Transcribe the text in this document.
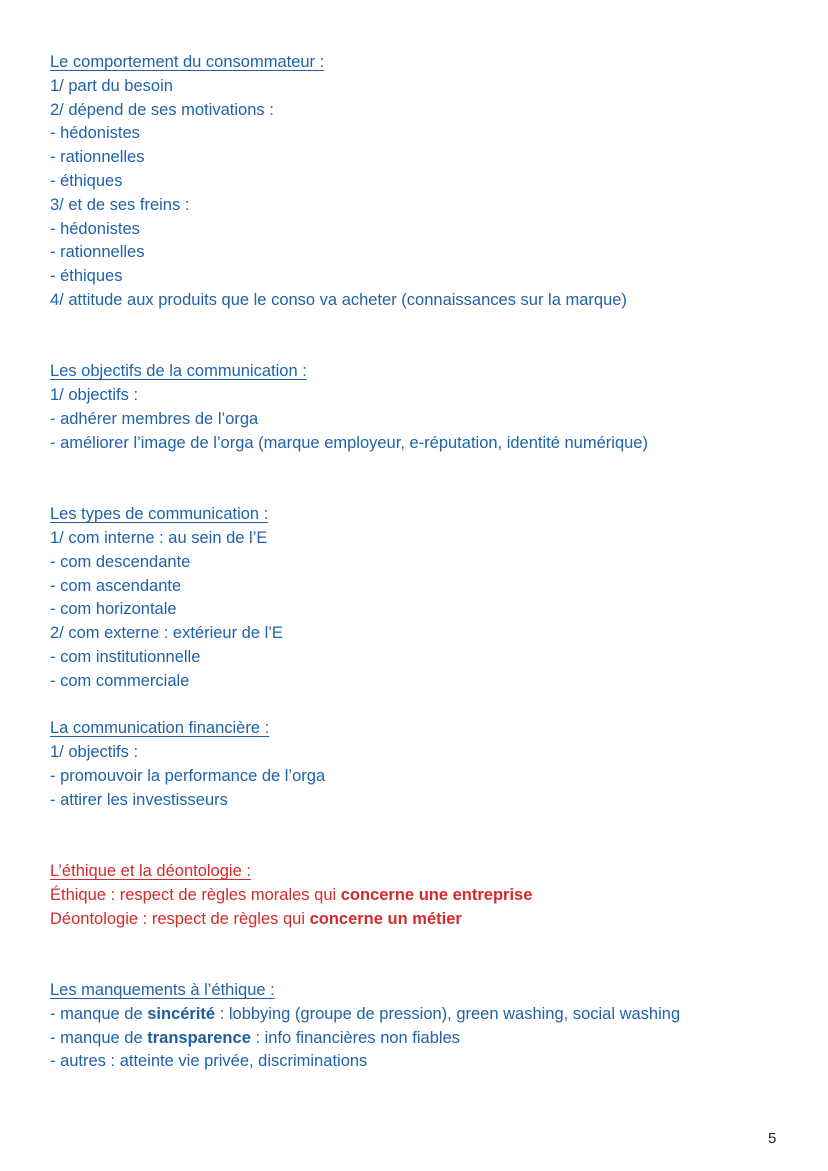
Le comportement du consommateur :
1/ part du besoin
2/ dépend de ses motivations :
- hédonistes
- rationnelles
- éthiques
3/ et de ses freins :
- hédonistes
- rationnelles
- éthiques
4/ attitude aux produits que le conso va acheter (connaissances sur la marque)
Les objectifs de la communication :
1/ objectifs :
- adhérer membres de l’orga
- améliorer l’image de l’orga (marque employeur, e-réputation, identité numérique)
Les types de communication :
1/ com interne : au sein de l’E
- com descendante
- com ascendante
- com horizontale
2/ com externe : extérieur de l’E
- com institutionnelle
- com commerciale
La communication financière :
1/ objectifs :
- promouvoir la performance de l’orga
- attirer les investisseurs
L’éthique et la déontologie :
Éthique : respect de règles morales qui concerne une entreprise
Déontologie : respect de règles qui concerne un métier
Les manquements à l’éthique :
- manque de sincérité : lobbying (groupe de pression), green washing, social washing
- manque de transparence : info financières non fiables
- autres : atteinte vie privée, discriminations
5
